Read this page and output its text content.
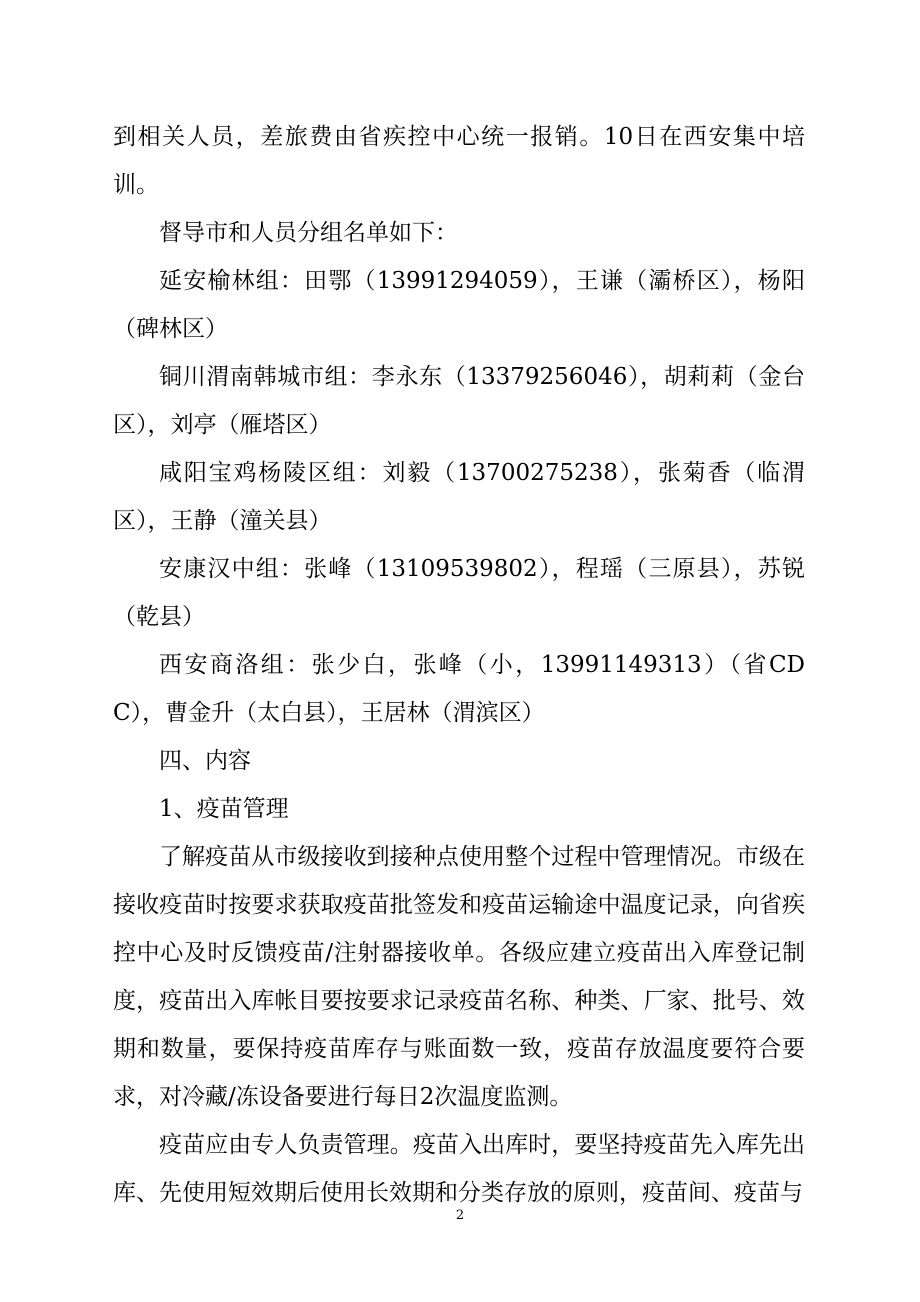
到相关人员，差旅费由省疾控中心统一报销。10日在西安集中培训。

督导市和人员分组名单如下：

延安榆林组：田鄂（13991294059），王谦（灞桥区），杨阳（碑林区）

铜川渭南韩城市组：李永东（13379256046），胡莉莉（金台区），刘亭（雁塔区）

咸阳宝鸡杨陵区组：刘毅（13700275238），张菊香（临渭区），王静（潼关县）

安康汉中组：张峰（13109539802），程瑶（三原县），苏锐（乾县）

西安商洛组：张少白，张峰（小，13991149313）（省CDC），曹金升（太白县），王居林（渭滨区）

四、内容

1、疫苗管理

了解疫苗从市级接收到接种点使用整个过程中管理情况。市级在接收疫苗时按要求获取疫苗批签发和疫苗运输途中温度记录，向省疾控中心及时反馈疫苗/注射器接收单。各级应建立疫苗出入库登记制度，疫苗出入库帐目要按要求记录疫苗名称、种类、厂家、批号、效期和数量，要保持疫苗库存与账面数一致，疫苗存放温度要符合要求，对冷藏/冻设备要进行每日2次温度监测。

疫苗应由专人负责管理。疫苗入出库时，要坚持疫苗先入库先出库、先使用短效期后使用长效期和分类存放的原则，疫苗间、疫苗与

2
